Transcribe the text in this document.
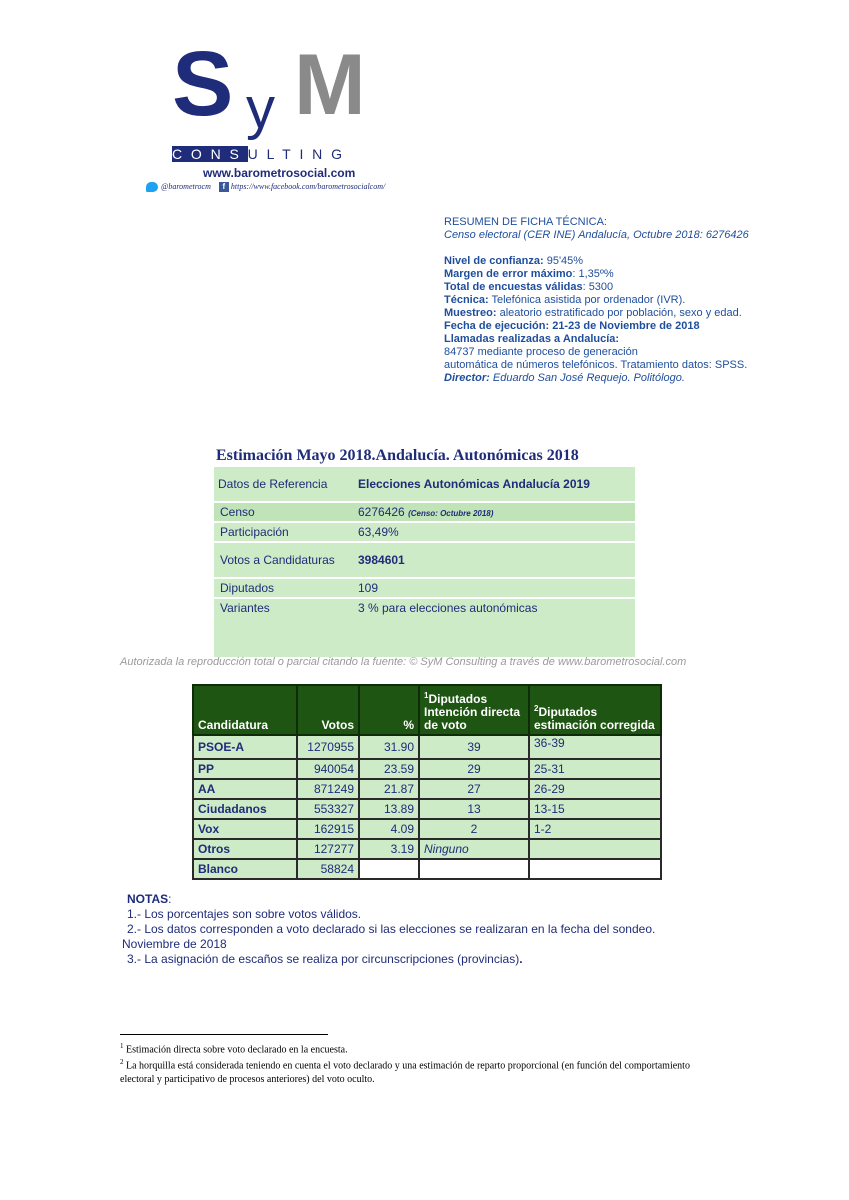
S y M
CONSULTING
www.barometrosocial.com
@barometrocm f https://www.facebook.com/barometrosocialcom/

RESUMEN DE FICHA TÉCNICA:

Censo electoral (CER INE) Andalucía, Octubre 2018: 6276426

Nivel de confianza: 95'45%

Margen de error máximo: 1,35º%

Total de encuestas válidas: 5300

Técnica: Telefónica asistida por ordenador (IVR).

Muestreo: aleatorio estratificado por población, sexo y edad.

Fecha de ejecución: 21-23 de Noviembre de 2018

Llamadas realizadas a Andalucía:

84737 mediante proceso de generación

automática de números telefónicos. Tratamiento datos: SPSS.

Director: Eduardo San José Requejo. Politólogo.

Estimación Mayo 2018.Andalucía. Autonómicas 2018
Datos de Referencia	Elecciones Autonómicas Andalucía 2019
Censo	6276426 (Censo: Octubre 2018)
Participación	63,49%
Votos a Candidaturas	3984601
Diputados	109
Variantes	3 % para elecciones autonómicas
Autorizada la reproducción total o parcial citando la fuente: © SyM Consulting a través de www.barometrosocial.com
Candidatura	Votos	%	$^1$Diputados Intención directa de voto	$^2$Diputados estimación corregida
PSOE-A	1270955	31.90	39	36-39
PP	940054	23.59	29	25-31
AA	871249	21.87	27	26-29
Ciudadanos	553327	13.89	13	13-15
Vox	162915	4.09	2	1-2
Otros	127277	3.19	Ninguno	
Blanco	58824			

NOTAS:

1.- Los porcentajes son sobre votos válidos.

2.- Los datos corresponden a voto declarado si las elecciones se realizaran en la fecha del sondeo.

Noviembre de 2018

3.- La asignación de escaños se realiza por circunscripciones (provincias).

$^1$ Estimación directa sobre voto declarado en la encuesta.

$^2$ La horquilla está considerada teniendo en cuenta el voto declarado y una estimación de reparto proporcional (en función del comportamiento electoral y participativo de procesos anteriores) del voto oculto.
